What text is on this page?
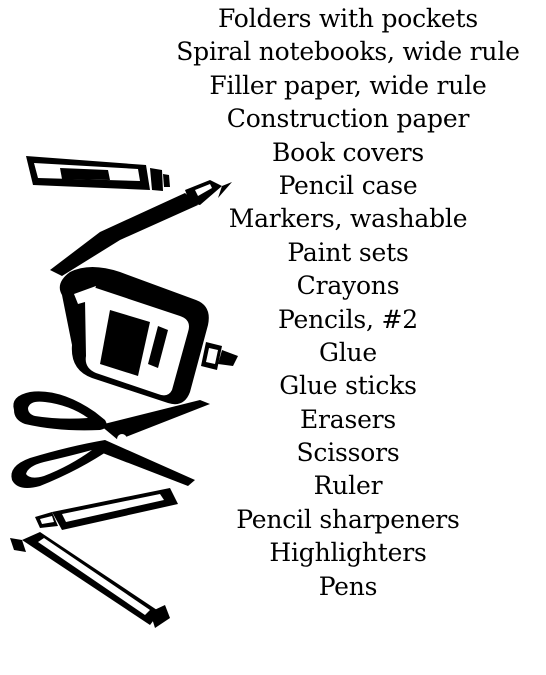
Folders with pockets
Spiral notebooks, wide rule
Filler paper, wide rule
Construction paper
Book covers
Pencil case
Markers, washable
Paint sets
Crayons
Pencils, #2
Glue
Glue sticks
Erasers
Scissors
Ruler
Pencil sharpeners
Highlighters
Pens
